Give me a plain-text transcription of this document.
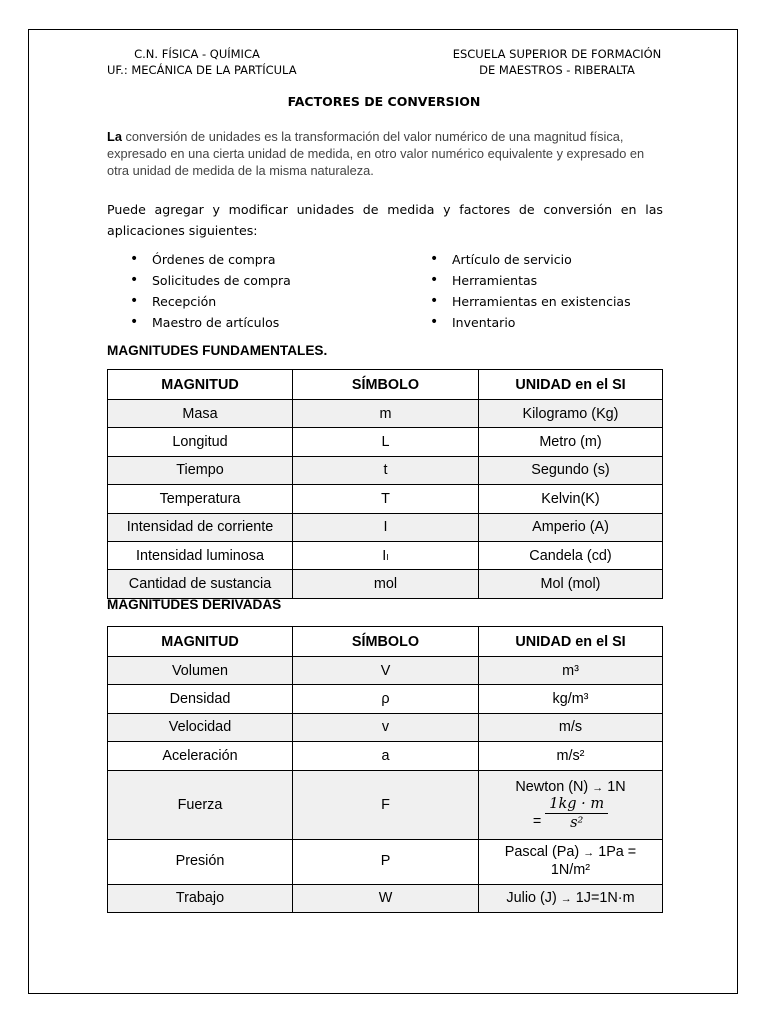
C.N. FÍSICA - QUÍMICA
UF.: MECÁNICA DE LA PARTÍCULA
ESCUELA SUPERIOR DE FORMACIÓN
DE MAESTROS - RIBERALTA
FACTORES DE CONVERSION
La conversión de unidades es la transformación del valor numérico de una magnitud física, expresado en una cierta unidad de medida, en otro valor numérico equivalente y expresado en otra unidad de medida de la misma naturaleza.
Puede agregar y modificar unidades de medida y factores de conversión en las aplicaciones siguientes:
• Órdenes de compra
• Solicitudes de compra
• Recepción
• Maestro de artículos
• Artículo de servicio
• Herramientas
• Herramientas en existencias
• Inventario
MAGNITUDES FUNDAMENTALES.
MAGNITUD	SÍMBOLO	UNIDAD en el SI
Masa	m	Kilogramo (Kg)
Longitud	L	Metro (m)
Tiempo	t	Segundo (s)
Temperatura	T	Kelvin(K)
Intensidad de corriente	I	Amperio (A)
Intensidad luminosa	Iₗ	Candela (cd)
Cantidad de sustancia	mol	Mol (mol)
MAGNITUDES DERIVADAS
MAGNITUD	SÍMBOLO	UNIDAD en el SI
Volumen	V	m³
Densidad	ρ	kg/m³
Velocidad	v	m/s
Aceleración	a	m/s²
Fuerza	F	Newton (N) → 1N
= $\frac{1kg \cdot m}{\text{s²}}$

Presión	P	Pascal (Pa) → 1Pa =
1N/m²

Trabajo	W	Julio (J) → 1J=1N·m
